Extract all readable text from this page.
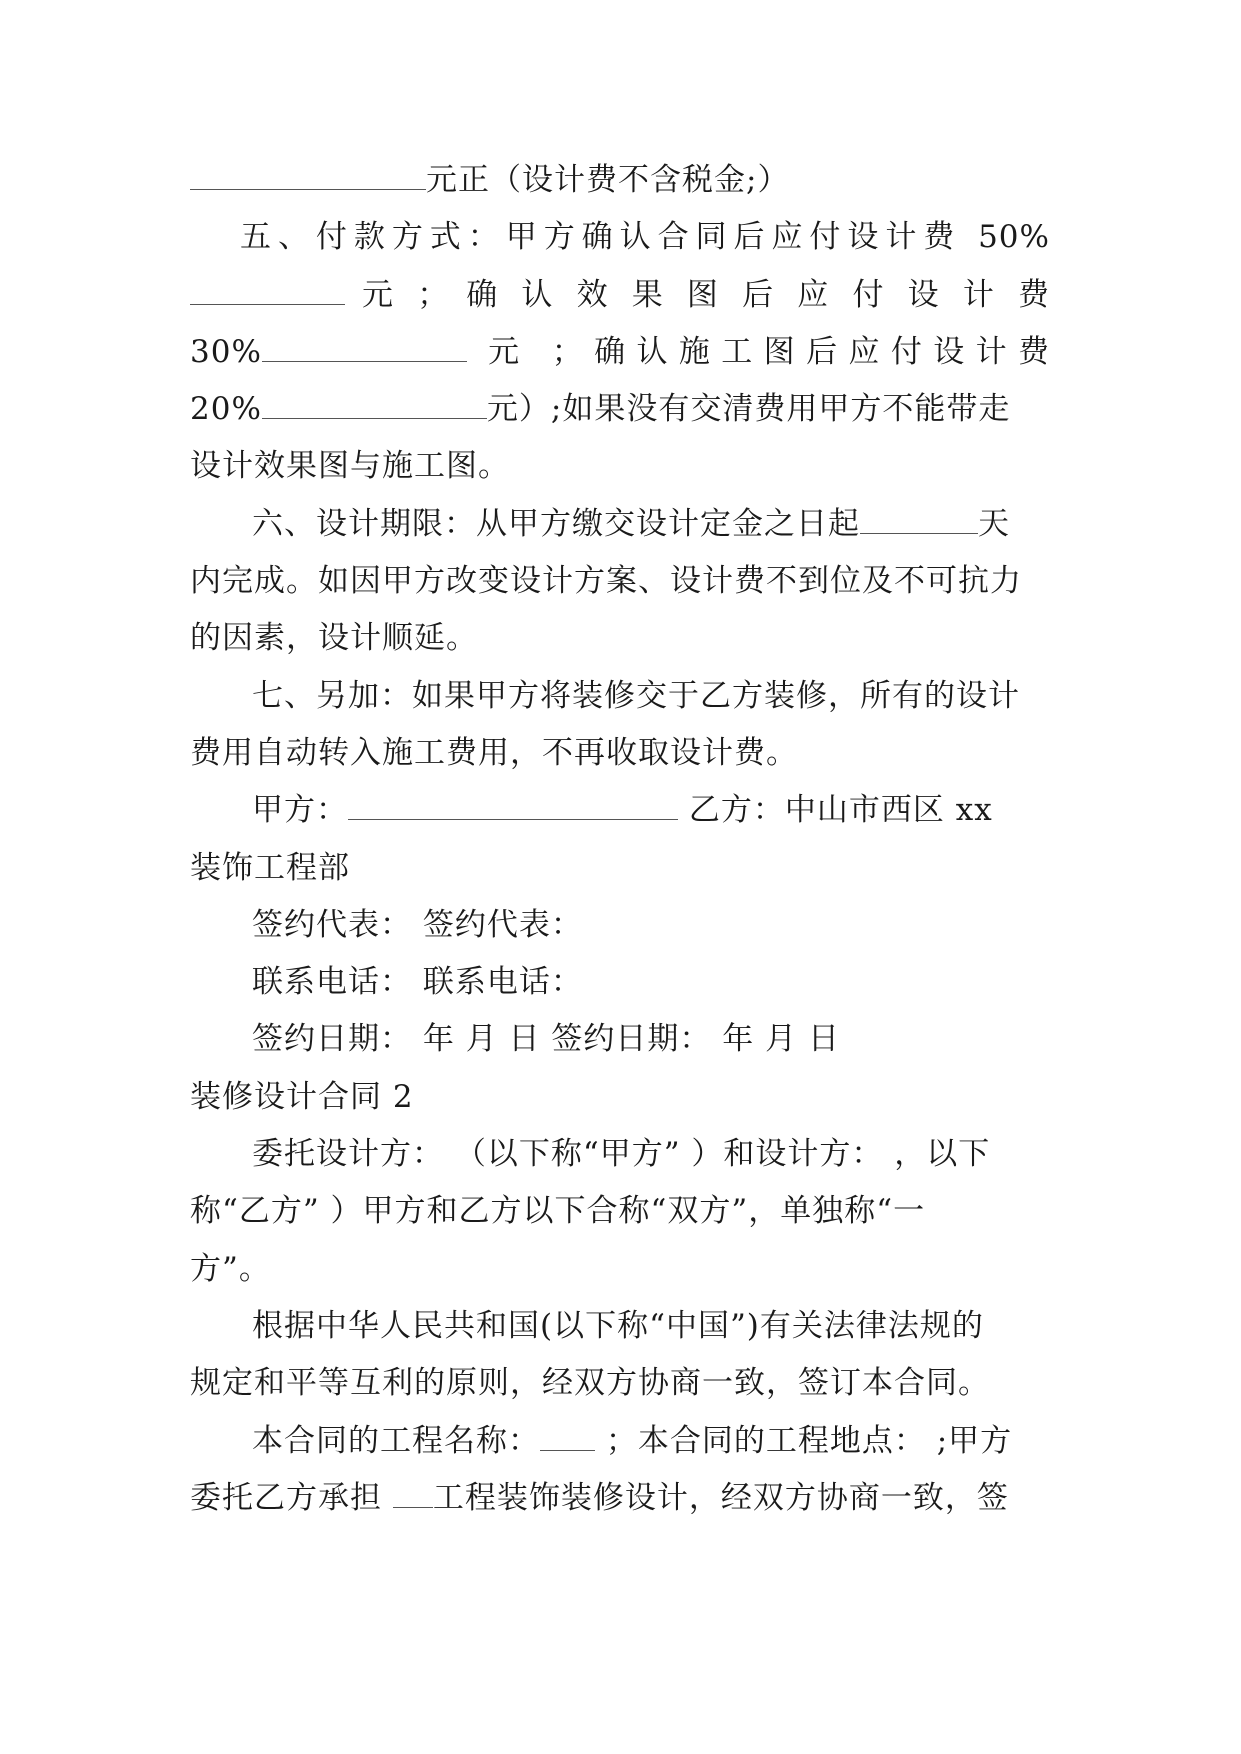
元正（设计费不含税金;）
五、付款方式：甲方确认合同后应付设计费 50%
元 ； 确 认 效 果 图 后 应 付 设 计 费
30%	元 ；确认施工图后应付设计费
20%	元）;如果没有交清费用甲方不能带走
设计效果图与施工图。
六、设计期限：从甲方缴交设计定金之日起	天
内完成。如因甲方改变设计方案、设计费不到位及不可抗力
的因素，设计顺延。
七、另加：如果甲方将装修交于乙方装修，所有的设计
费用自动转入施工费用，不再收取设计费。
甲方：	乙方：中山市西区 xx
装饰工程部
签约代表： 签约代表：
联系电话： 联系电话：
签约日期： 年 月 日 签约日期： 年 月 日
装修设计合同 2
委托设计方： （以下称“甲方” ）和设计方： ，以下
称“乙方” ）甲方和乙方以下合称“双方”，单独称“一
方”。
根据中华人民共和国(以下称“中国”)有关法律法规的
规定和平等互利的原则，经双方协商一致，签订本合同。
本合同的工程名称： ；本合同的工程地点： ;甲方
委托乙方承担 工程装饰装修设计，经双方协商一致，签
